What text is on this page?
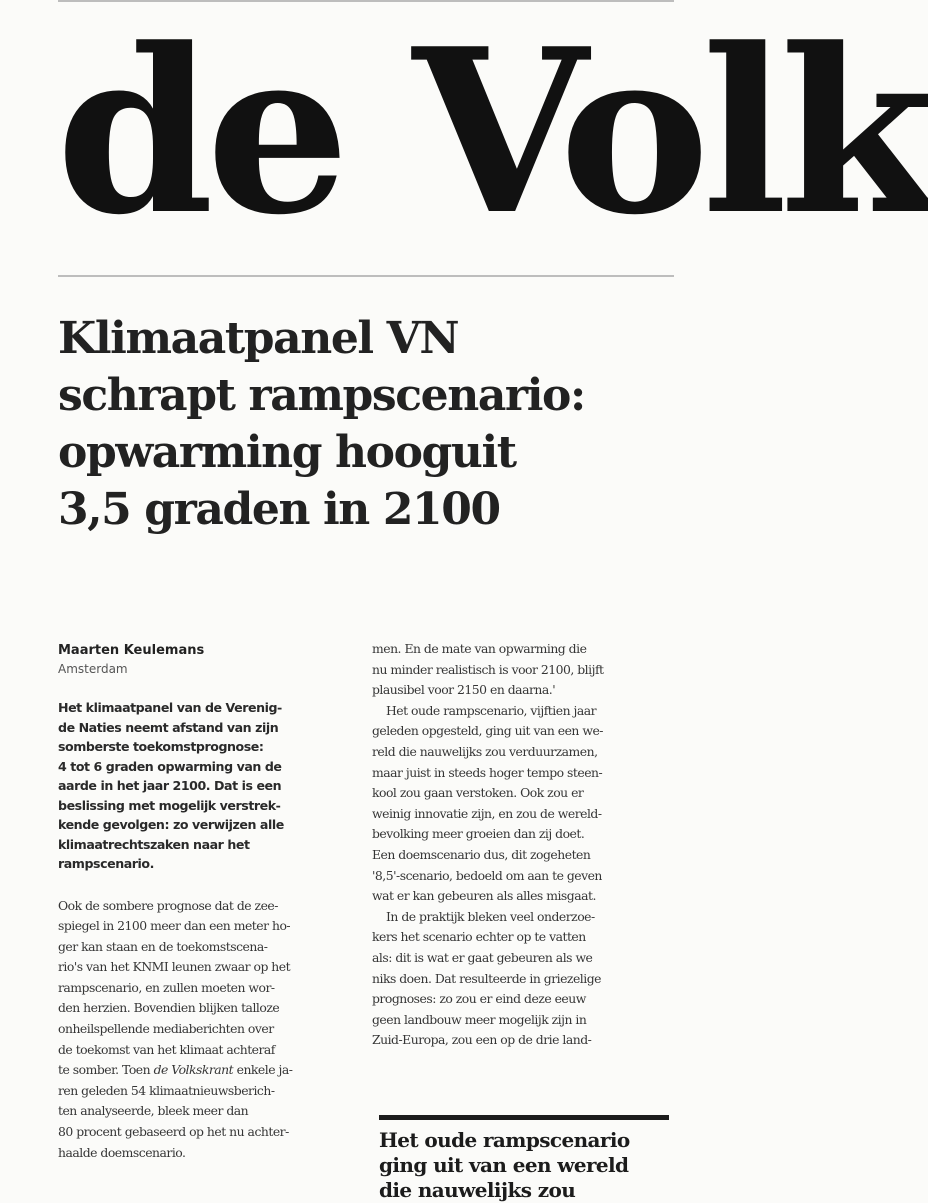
de Volk
Klimaatpanel VN
schrapt rampscenario:
opwarming hooguit
3,5 graden in 2100
Maarten Keulemans
Amsterdam
Het klimaatpanel van de Verenig-
de Naties neemt afstand van zijn
somberste toekomstprognose:
4 tot 6 graden opwarming van de
aarde in het jaar 2100. Dat is een
beslissing met mogelijk verstrek-
kende gevolgen: zo verwijzen alle
klimaatrechtszaken naar het
rampscenario.
Ook de sombere prognose dat de zee-
spiegel in 2100 meer dan een meter ho-
ger kan staan en de toekomstscena-
rio's van het KNMI leunen zwaar op het
rampscenario, en zullen moeten wor-
den herzien. Bovendien blijken talloze
onheilspellende mediaberichten over
de toekomst van het klimaat achteraf
te somber. Toen de Volkskrant enkele ja-
ren geleden 54 klimaatnieuwsberich-
ten analyseerde, bleek meer dan
80 procent gebaseerd op het nu achter-
haalde doemscenario.
men. En de mate van opwarming die
nu minder realistisch is voor 2100, blijft
plausibel voor 2150 en daarna.'
Het oude rampscenario, vijftien jaar
geleden opgesteld, ging uit van een we-
reld die nauwelijks zou verduurzamen,
maar juist in steeds hoger tempo steen-
kool zou gaan verstoken. Ook zou er
weinig innovatie zijn, en zou de wereld-
bevolking meer groeien dan zij doet.
Een doemscenario dus, dit zogeheten
'8,5'-scenario, bedoeld om aan te geven
wat er kan gebeuren als alles misgaat.
In de praktijk bleken veel onderzoe-
kers het scenario echter op te vatten
als: dit is wat er gaat gebeuren als we
niks doen. Dat resulteerde in griezelige
prognoses: zo zou er eind deze eeuw
geen landbouw meer mogelijk zijn in
Zuid-Europa, zou een op de drie land-
Het oude rampscenario
ging uit van een wereld
die nauwelijks zou
